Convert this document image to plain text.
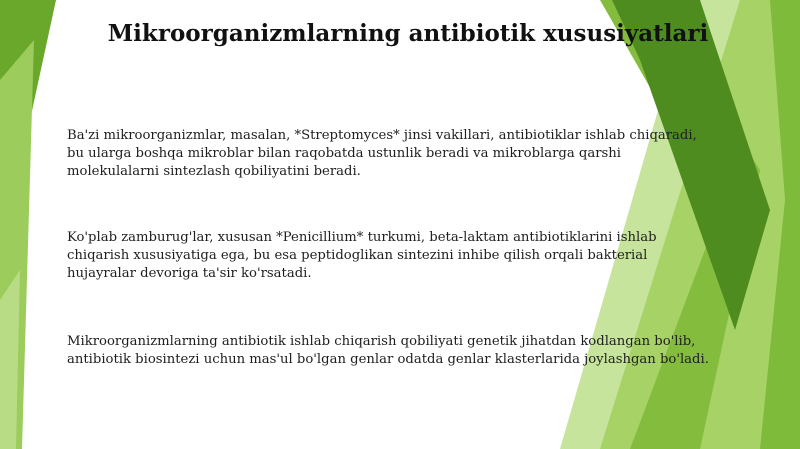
Mikroorganizmlarning antibiotik xususiyatlari
Ba'zi mikroorganizmlar, masalan, *Streptomyces* jinsi vakillari, antibiotiklar ishlab chiqaradi,
bu ularga boshqa mikroblar bilan raqobatda ustunlik beradi va mikroblarga qarshi
molekulalarni sintezlash qobiliyatini beradi.
Ko'plab zamburug'lar, xususan *Penicillium* turkumi, beta-laktam antibiotiklarini ishlab
chiqarish xususiyatiga ega, bu esa peptidoglikan sintezini inhibe qilish orqali bakterial
hujayralar devoriga ta'sir ko'rsatadi.
Mikroorganizmlarning antibiotik ishlab chiqarish qobiliyati genetik jihatdan kodlangan bo'lib,
antibiotik biosintezi uchun mas'ul bo'lgan genlar odatda genlar klasterlarida joylashgan bo'ladi.
